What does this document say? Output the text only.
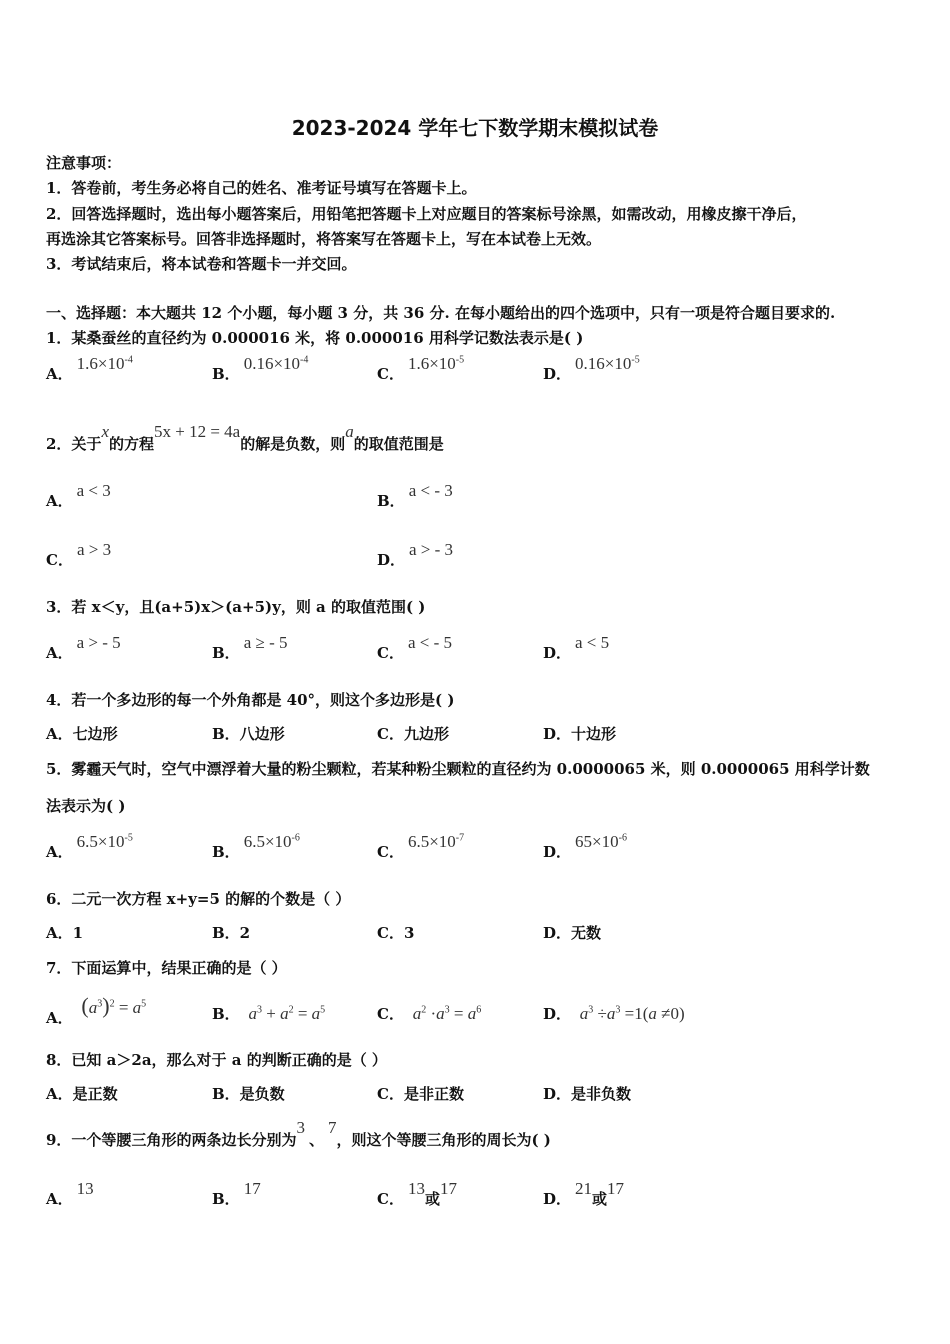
2023-2024 学年七下数学期末模拟试卷
注意事项：
1．答卷前，考生务必将自己的姓名、准考证号填写在答题卡上。
2．回答选择题时，选出每小题答案后，用铅笔把答题卡上对应题目的答案标号涂黑，如需改动，用橡皮擦干净后，
再选涂其它答案标号。回答非选择题时，将答案写在答题卡上，写在本试卷上无效。
3．考试结束后，将本试卷和答题卡一并交回。
一、选择题：本大题共 12 个小题，每小题 3 分，共 36 分. 在每小题给出的四个选项中，只有一项是符合题目要求的.
1．某桑蚕丝的直径约为 0.000016 米，将 0.000016 用科学记数法表示是( )
A．$1.6\times 10^{-4}$
B．$0.16\times 10^{-4}$
C．$1.6\times 10^{-5}$
D．$0.16\times 10^{-5}$
2．关于x的方程5x + 12 = 4a的解是负数，则a的取值范围是
A．a < 3
B．a < - 3
C．a > 3
D．a > - 3
3．若 x＜y，且(a+5)x＞(a+5)y，则 a 的取值范围( )
A．a > - 5
B．a ≥ - 5
C．a < - 5
D．a < 5
4．若一个多边形的每一个外角都是 40°，则这个多边形是( )
A．七边形	B．八边形	C．九边形	D．十边形
5．雾霾天气时，空气中漂浮着大量的粉尘颗粒，若某种粉尘颗粒的直径约为 0.0000065 米，则 0.0000065 用科学计数
法表示为( )
A．$6.5\times 10^{-5}$
B．$6.5\times 10^{-6}$
C．$6.5\times 10^{-7}$
D．$65\times 10^{-6}$
6．二元一次方程 x+y=5 的解的个数是（ ）
A．1	B．2	C．3	D．无数
7．下面运算中，结果正确的是（ ）
A． $(a^3)^2 = a^5$
B． $a^3 + a^2 = a^5$	C． $a^2 \cdot a^3 = a^6$	D． $a^3 \div a^3 =1(a \ne 0)$
8．已知 a＞2a，那么对于 a 的判断正确的是（ ）
A．是正数	B．是负数	C．是非正数	D．是非负数
9．一个等腰三角形的两条边长分别为3、7，则这个等腰三角形的周长为( )
A．13
B．17
C．13或17
D．21或17
